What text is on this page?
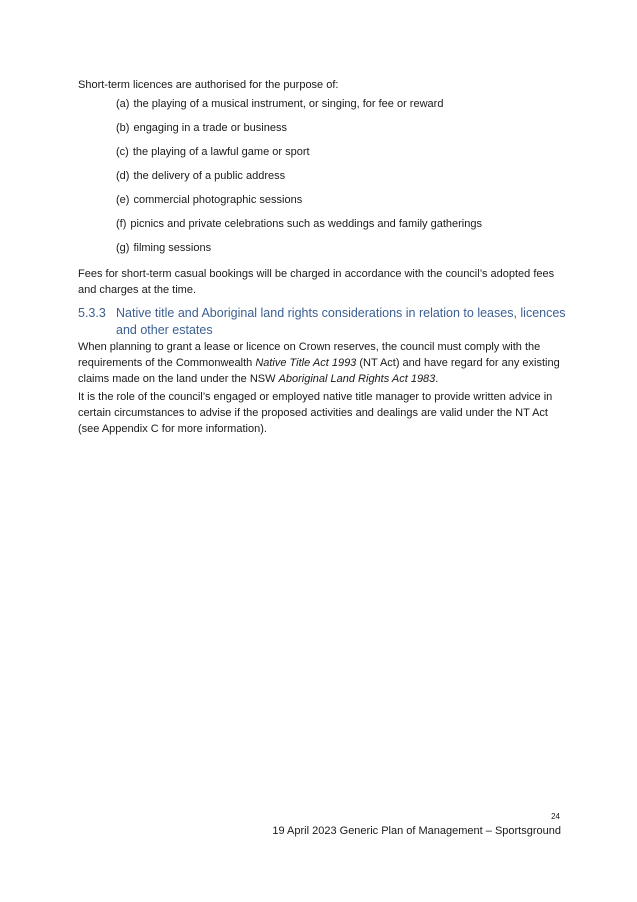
Short-term licences are authorised for the purpose of:

(a) the playing of a musical instrument, or singing, for fee or reward
(b) engaging in a trade or business
(c) the playing of a lawful game or sport
(d) the delivery of a public address
(e) commercial photographic sessions
(f) picnics and private celebrations such as weddings and family gatherings
(g) filming sessions

Fees for short-term casual bookings will be charged in accordance with the council’s adopted fees and charges at the time.

5.3.3 Native title and Aboriginal land rights considerations in relation to leases, licences and other estates

When planning to grant a lease or licence on Crown reserves, the council must comply with the requirements of the Commonwealth Native Title Act 1993 (NT Act) and have regard for any existing claims made on the land under the NSW Aboriginal Land Rights Act 1983.

It is the role of the council’s engaged or employed native title manager to provide written advice in certain circumstances to advise if the proposed activities and dealings are valid under the NT Act (see Appendix C for more information).

24

19 April 2023 Generic Plan of Management – Sportsground
